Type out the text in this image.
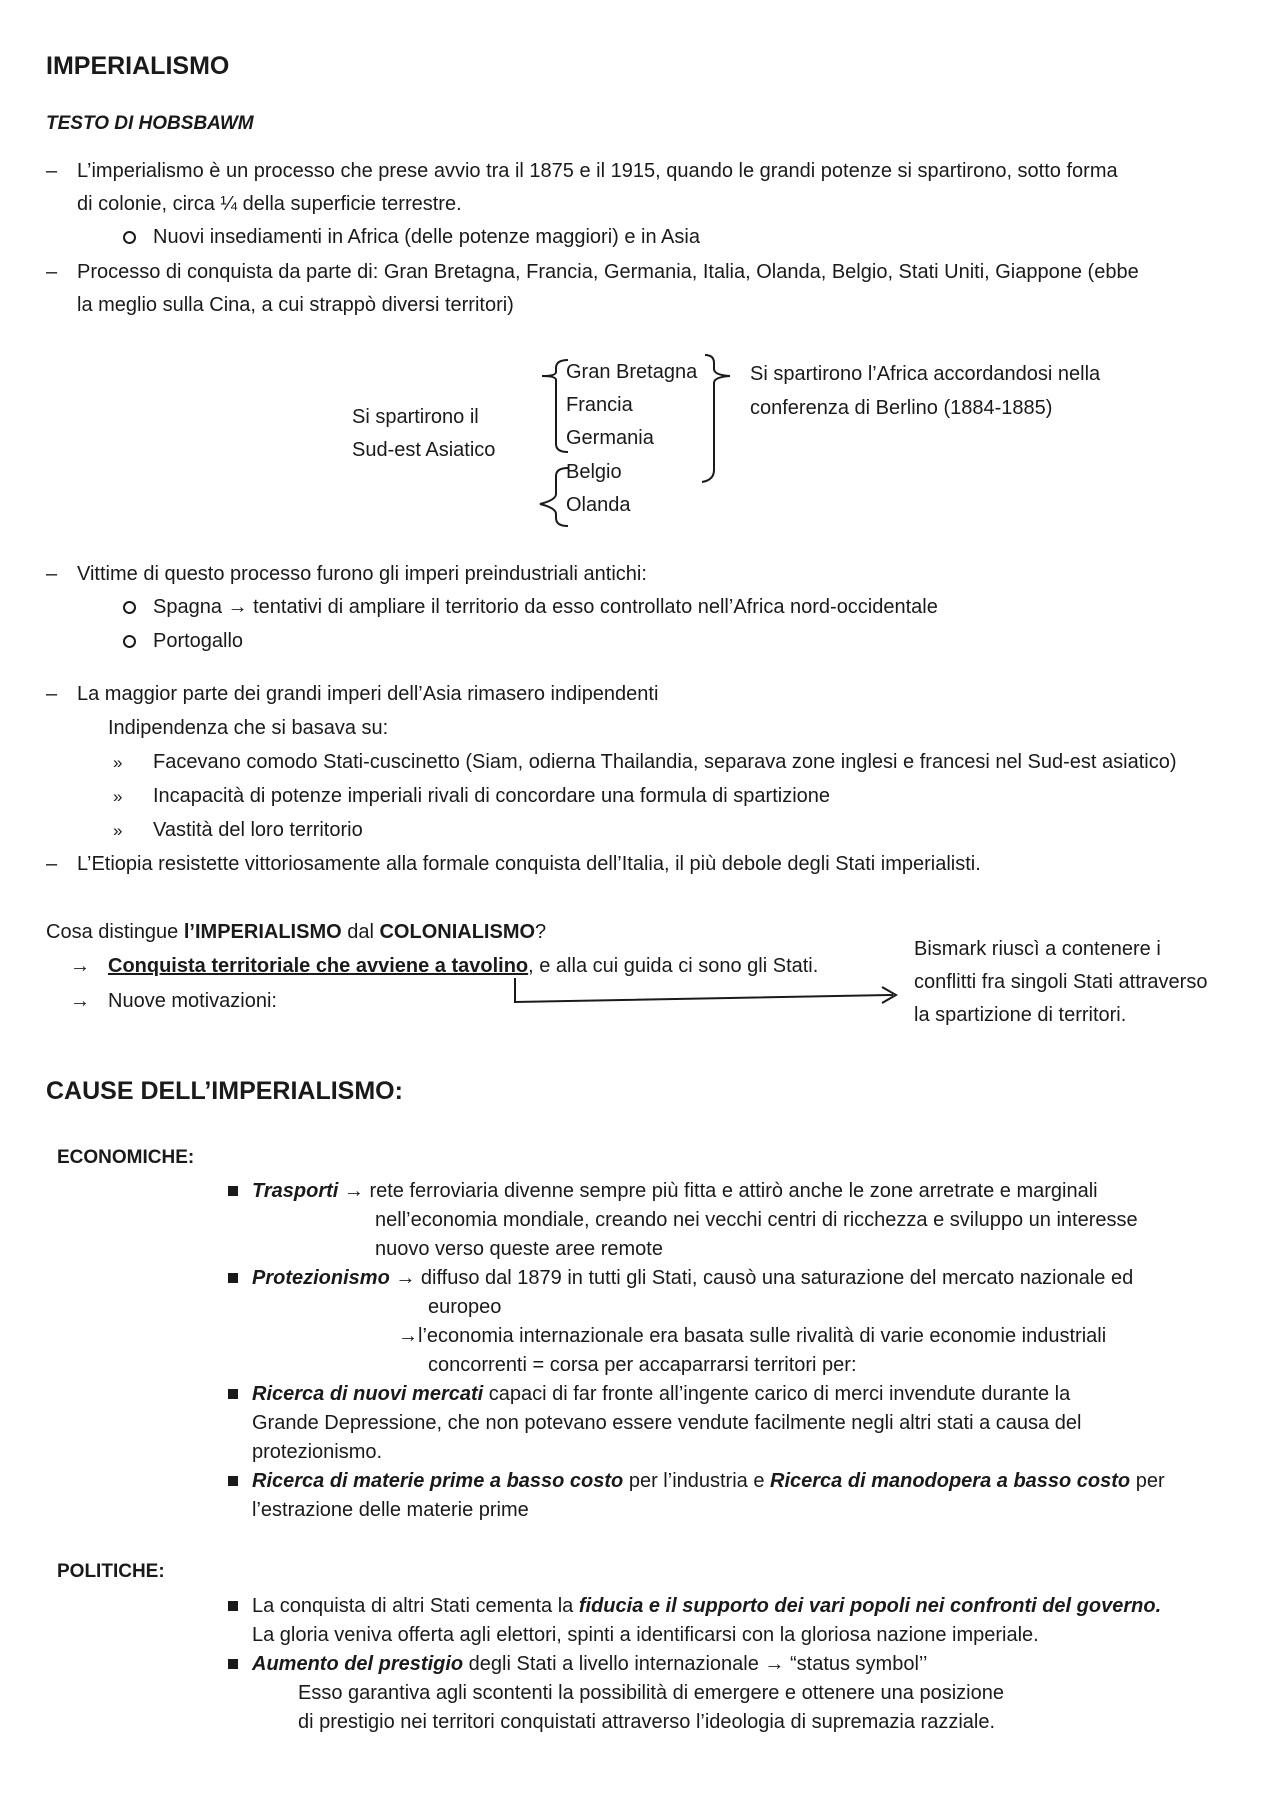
IMPERIALISMO
TESTO DI HOBSBAWM
– L’imperialismo è un processo che prese avvio tra il 1875 e il 1915, quando le grandi potenze si spartirono, sotto forma
di colonie, circa ¼ della superficie terrestre.
Nuovi insediamenti in Africa (delle potenze maggiori) e in Asia
– Processo di conquista da parte di: Gran Bretagna, Francia, Germania, Italia, Olanda, Belgio, Stati Uniti, Giappone (ebbe
la meglio sulla Cina, a cui strappò diversi territori)
Si spartirono il
Sud-est Asiatico
Gran Bretagna
Francia
Germania
Belgio
Olanda
Si spartirono l’Africa accordandosi nella
conferenza di Berlino (1884-1885)
– Vittime di questo processo furono gli imperi preindustriali antichi:
Spagna → tentativi di ampliare il territorio da esso controllato nell’Africa nord-occidentale
Portogallo
– La maggior parte dei grandi imperi dell’Asia rimasero indipendenti
Indipendenza che si basava su:
» Facevano comodo Stati-cuscinetto (Siam, odierna Thailandia, separava zone inglesi e francesi nel Sud-est asiatico)
» Incapacità di potenze imperiali rivali di concordare una formula di spartizione
» Vastità del loro territorio
– L’Etiopia resistette vittoriosamente alla formale conquista dell’Italia, il più debole degli Stati imperialisti.
Cosa distingue l’IMPERIALISMO dal COLONIALISMO?
→ Conquista territoriale che avviene a tavolino, e alla cui guida ci sono gli Stati.
→ Nuove motivazioni:
Bismark riuscì a contenere i
conflitti fra singoli Stati attraverso
la spartizione di territori.
CAUSE DELL’IMPERIALISMO:
ECONOMICHE:
Trasporti → rete ferroviaria divenne sempre più fitta e attirò anche le zone arretrate e marginali
nell’economia mondiale, creando nei vecchi centri di ricchezza e sviluppo un interesse
nuovo verso queste aree remote
Protezionismo → diffuso dal 1879 in tutti gli Stati, causò una saturazione del mercato nazionale ed
europeo
→l’economia internazionale era basata sulle rivalità di varie economie industriali
concorrenti = corsa per accaparrarsi territori per:
Ricerca di nuovi mercati capaci di far fronte all’ingente carico di merci invendute durante la
Grande Depressione, che non potevano essere vendute facilmente negli altri stati a causa del
protezionismo.
Ricerca di materie prime a basso costo per l’industria e Ricerca di manodopera a basso costo per
l’estrazione delle materie prime
POLITICHE:
La conquista di altri Stati cementa la fiducia e il supporto dei vari popoli nei confronti del governo.
La gloria veniva offerta agli elettori, spinti a identificarsi con la gloriosa nazione imperiale.
Aumento del prestigio degli Stati a livello internazionale → “status symbol’’
Esso garantiva agli scontenti la possibilità di emergere e ottenere una posizione
di prestigio nei territori conquistati attraverso l’ideologia di supremazia razziale.
